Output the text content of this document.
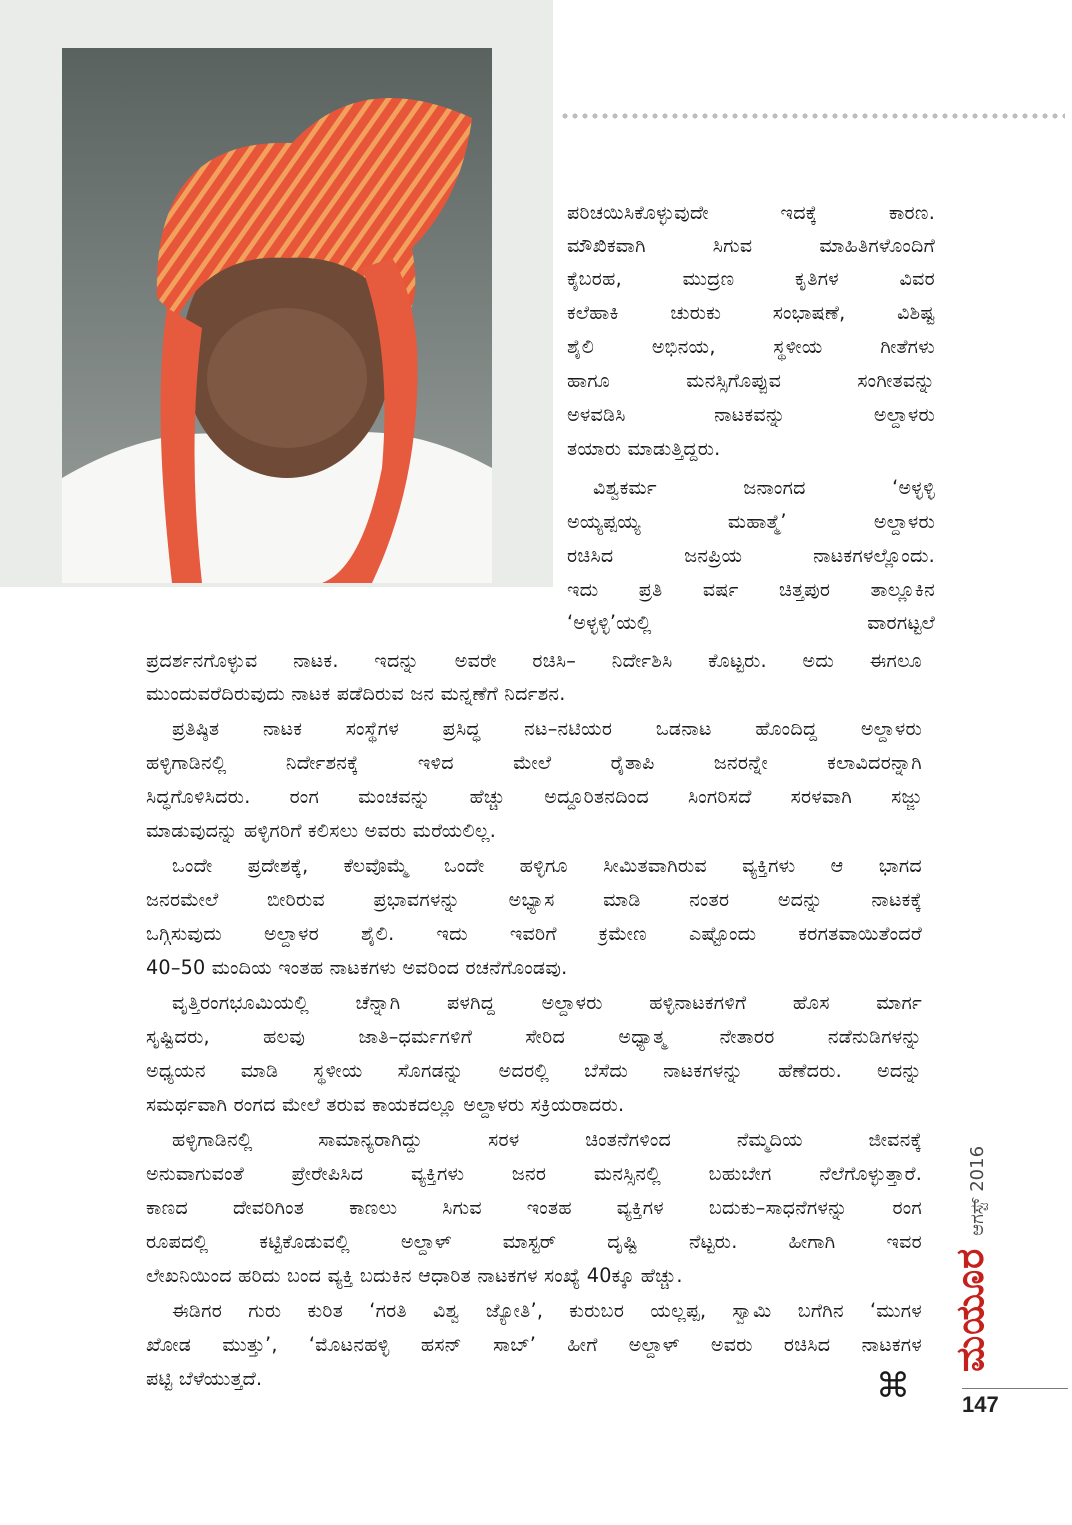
ಪರಿಚಯಿಸಿಕೊಳ್ಳುವುದೇ ಇದಕ್ಕೆ ಕಾರಣ.
ಮೌಖಿಕವಾಗಿ ಸಿಗುವ ಮಾಹಿತಿಗಳೊಂದಿಗೆ
ಕೈಬರಹ, ಮುದ್ರಣ ಕೃತಿಗಳ ವಿವರ
ಕಲೆಹಾಕಿ ಚುರುಕು ಸಂಭಾಷಣೆ, ವಿಶಿಷ್ಟ
ಶೈಲಿ ಅಭಿನಯ, ಸ್ಥಳೀಯ ಗೀತೆಗಳು
ಹಾಗೂ ಮನಸ್ಸಿಗೊಪ್ಪುವ ಸಂಗೀತವನ್ನು
ಅಳವಡಿಸಿ ನಾಟಕವನ್ನು ಅಲ್ದಾಳರು
ತಯಾರು ಮಾಡುತ್ತಿದ್ದರು.
ವಿಶ್ವಕರ್ಮ ಜನಾಂಗದ ‘ಅಳ್ಳಳ್ಳಿ
ಅಯ್ಯಪ್ಪಯ್ಯ ಮಹಾತ್ಮೆ’ ಅಲ್ದಾಳರು
ರಚಿಸಿದ ಜನಪ್ರಿಯ ನಾಟಕಗಳಲ್ಲೊಂದು.
ಇದು ಪ್ರತಿ ವರ್ಷ ಚಿತ್ತಪುರ ತಾಲ್ಲೂಕಿನ
‘ಅಳ್ಳಳ್ಳಿ’ಯಲ್ಲಿ ವಾರಗಟ್ಟಲೆ
ಪ್ರದರ್ಶನಗೊಳ್ಳುವ ನಾಟಕ. ಇದನ್ನು ಅವರೇ ರಚಿಸಿ– ನಿರ್ದೇಶಿಸಿ ಕೊಟ್ಟರು. ಅದು ಈಗಲೂ
ಮುಂದುವರೆದಿರುವುದು ನಾಟಕ ಪಡೆದಿರುವ ಜನ ಮನ್ನಣೆಗೆ ನಿರ್ದಶನ.
ಪ್ರತಿಷ್ಠಿತ ನಾಟಕ ಸಂಸ್ಥೆಗಳ ಪ್ರಸಿದ್ಧ ನಟ–ನಟಿಯರ ಒಡನಾಟ ಹೊಂದಿದ್ದ ಅಲ್ದಾಳರು
ಹಳ್ಳಿಗಾಡಿನಲ್ಲಿ ನಿರ್ದೇಶನಕ್ಕೆ ಇಳಿದ ಮೇಲೆ ರೈತಾಪಿ ಜನರನ್ನೇ ಕಲಾವಿದರನ್ನಾಗಿ
ಸಿದ್ಧಗೊಳಿಸಿದರು. ರಂಗ ಮಂಚವನ್ನು ಹೆಚ್ಚು ಅದ್ದೂರಿತನದಿಂದ ಸಿಂಗರಿಸದೆ ಸರಳವಾಗಿ ಸಜ್ಜು
ಮಾಡುವುದನ್ನು ಹಳ್ಳಿಗರಿಗೆ ಕಲಿಸಲು ಅವರು ಮರೆಯಲಿಲ್ಲ.
ಒಂದೇ ಪ್ರದೇಶಕ್ಕೆ, ಕೆಲವೊಮ್ಮೆ ಒಂದೇ ಹಳ್ಳಿಗೂ ಸೀಮಿತವಾಗಿರುವ ವ್ಯಕ್ತಿಗಳು ಆ ಭಾಗದ
ಜನರಮೇಲೆ ಬೀರಿರುವ ಪ್ರಭಾವಗಳನ್ನು ಅಭ್ಯಾಸ ಮಾಡಿ ನಂತರ ಅದನ್ನು ನಾಟಕಕ್ಕೆ
ಒಗ್ಗಿಸುವುದು ಅಲ್ದಾಳರ ಶೈಲಿ. ಇದು ಇವರಿಗೆ ಕ್ರಮೇಣ ಎಷ್ಟೊಂದು ಕರಗತವಾಯಿತೆಂದರೆ
40–50 ಮಂದಿಯ ಇಂತಹ ನಾಟಕಗಳು ಅವರಿಂದ ರಚನೆಗೊಂಡವು.
ವೃತ್ತಿರಂಗಭೂಮಿಯಲ್ಲಿ ಚೆನ್ನಾಗಿ ಪಳಗಿದ್ದ ಅಲ್ದಾಳರು ಹಳ್ಳಿನಾಟಕಗಳಿಗೆ ಹೊಸ ಮಾರ್ಗ
ಸೃಷ್ಟಿದರು, ಹಲವು ಜಾತಿ–ಧರ್ಮಗಳಿಗೆ ಸೇರಿದ ಅಧ್ಯಾತ್ಮ ನೇತಾರರ ನಡೆನುಡಿಗಳನ್ನು
ಅಧ್ಯಯನ ಮಾಡಿ ಸ್ಥಳೀಯ ಸೊಗಡನ್ನು ಅದರಲ್ಲಿ ಬೆಸೆದು ನಾಟಕಗಳನ್ನು ಹೆಣೆದರು. ಅದನ್ನು
ಸಮರ್ಥವಾಗಿ ರಂಗದ ಮೇಲೆ ತರುವ ಕಾಯಕದಲ್ಲೂ ಅಲ್ದಾಳರು ಸಕ್ರಿಯರಾದರು.
ಹಳ್ಳಿಗಾಡಿನಲ್ಲಿ ಸಾಮಾನ್ಯರಾಗಿದ್ದು ಸರಳ ಚಿಂತನೆಗಳಿಂದ ನೆಮ್ಮದಿಯ ಜೀವನಕ್ಕೆ
ಅನುವಾಗುವಂತೆ ಪ್ರೇರೇಪಿಸಿದ ವ್ಯಕ್ತಿಗಳು ಜನರ ಮನಸ್ಸಿನಲ್ಲಿ ಬಹುಬೇಗ ನೆಲೆಗೊಳ್ಳುತ್ತಾರೆ.
ಕಾಣದ ದೇವರಿಗಿಂತ ಕಾಣಲು ಸಿಗುವ ಇಂತಹ ವ್ಯಕ್ತಿಗಳ ಬದುಕು–ಸಾಧನೆಗಳನ್ನು ರಂಗ
ರೂಪದಲ್ಲಿ ಕಟ್ಟಿಕೊಡುವಲ್ಲಿ ಅಲ್ದಾಳ್ ಮಾಸ್ಟರ್ ದೃಷ್ಟಿ ನೆಟ್ಟರು. ಹೀಗಾಗಿ ಇವರ
ಲೇಖನಿಯಿಂದ ಹರಿದು ಬಂದ ವ್ಯಕ್ತಿ ಬದುಕಿನ ಆಧಾರಿತ ನಾಟಕಗಳ ಸಂಖ್ಯೆ 40ಕ್ಕೂ ಹೆಚ್ಚು.
ಈಡಿಗರ ಗುರು ಕುರಿತ ‘ಗರತಿ ವಿಶ್ವ ಜ್ಯೋತಿ’, ಕುರುಬರ ಯಲ್ಲಪ್ಪ, ಸ್ವಾಮಿ ಬಗೆಗಿನ ‘ಮುಗಳ
ಖೋಡ ಮುತ್ತು’, ‘ಮೊಟನಹಳ್ಳಿ ಹಸನ್ ಸಾಬ್’ ಹೀಗೆ ಅಲ್ದಾಳ್ ಅವರು ರಚಿಸಿದ ನಾಟಕಗಳ
ಪಟ್ಟಿ ಬೆಳೆಯುತ್ತದೆ.	⌘
ಮಯೂರ
ಆಗಸ್ಟ್ 2016
147
